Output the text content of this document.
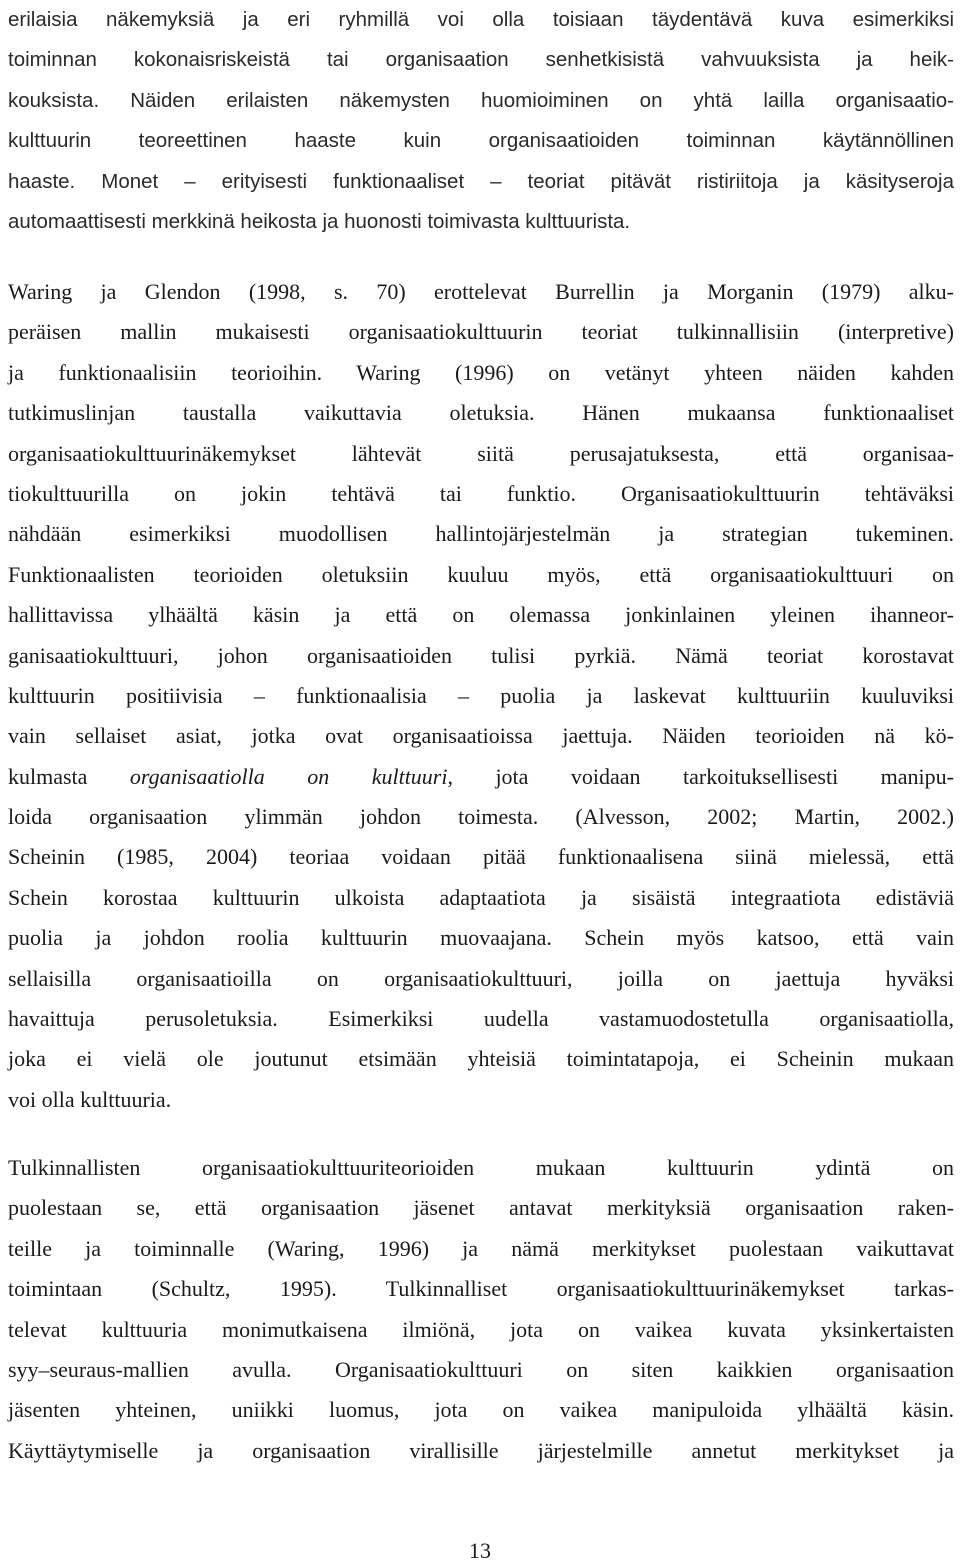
erilaisia näkemyksiä ja eri ryhmillä voi olla toisiaan täydentävä kuva esimerkiksi
toiminnan kokonaisriskeistä tai organisaation senhetkisistä vahvuuksista ja heik-
kouksista. Näiden erilaisten näkemysten huomioiminen on yhtä lailla organisaatio-
kulttuurin teoreettinen haaste kuin organisaatioiden toiminnan käytännöllinen
haaste. Monet – erityisesti funktionaaliset – teoriat pitävät ristiriitoja ja käsityseroja
automaattisesti merkkinä heikosta ja huonosti toimivasta kulttuurista.
Waring ja Glendon (1998, s. 70) erottelevat Burrellin ja Morganin (1979) alku-
peräisen mallin mukaisesti organisaatiokulttuurin teoriat tulkinnallisiin (interpretive)
ja funktionaalisiin teorioihin. Waring (1996) on vetänyt yhteen näiden kahden
tutkimuslinjan taustalla vaikuttavia oletuksia. Hänen mukaansa funktionaaliset
organisaatiokulttuurinäkemykset lähtevät siitä perusajatuksesta, että organisaa-
tiokulttuurilla on jokin tehtävä tai funktio. Organisaatiokulttuurin tehtäväksi
nähdään esimerkiksi muodollisen hallintojärjestelmän ja strategian tukeminen.
Funktionaalisten teorioiden oletuksiin kuuluu myös, että organisaatiokulttuuri on
hallittavissa ylhäältä käsin ja että on olemassa jonkinlainen yleinen ihanneor-
ganisaatiokulttuuri, johon organisaatioiden tulisi pyrkiä. Nämä teoriat korostavat
kulttuurin positiivisia – funktionaalisia – puolia ja laskevat kulttuuriin kuuluviksi
vain sellaiset asiat, jotka ovat organisaatioissa jaettuja. Näiden teorioiden nä kö-
kulmasta organisaatiolla on kulttuuri, jota voidaan tarkoituksellisesti manipu-
loida organisaation ylimmän johdon toimesta. (Alvesson, 2002; Martin, 2002.)
Scheinin (1985, 2004) teoriaa voidaan pitää funktionaalisena siinä mielessä, että
Schein korostaa kulttuurin ulkoista adaptaatiota ja sisäistä integraatiota edistäviä
puolia ja johdon roolia kulttuurin muovaajana. Schein myös katsoo, että vain
sellaisilla organisaatioilla on organisaatiokulttuuri, joilla on jaettuja hyväksi
havaittuja perusoletuksia. Esimerkiksi uudella vastamuodostetulla organisaatiolla,
joka ei vielä ole joutunut etsimään yhteisiä toimintatapoja, ei Scheinin mukaan
voi olla kulttuuria.
Tulkinnallisten organisaatiokulttuuriteorioiden mukaan kulttuurin ydintä on
puolestaan se, että organisaation jäsenet antavat merkityksiä organisaation raken-
teille ja toiminnalle (Waring, 1996) ja nämä merkitykset puolestaan vaikuttavat
toimintaan (Schultz, 1995). Tulkinnalliset organisaatiokulttuurinäkemykset tarkas-
televat kulttuuria monimutkaisena ilmiönä, jota on vaikea kuvata yksinkertaisten
syy–seuraus-mallien avulla. Organisaatiokulttuuri on siten kaikkien organisaation
jäsenten yhteinen, uniikki luomus, jota on vaikea manipuloida ylhäältä käsin.
Käyttäytymiselle ja organisaation virallisille järjestelmille annetut merkitykset ja
13
